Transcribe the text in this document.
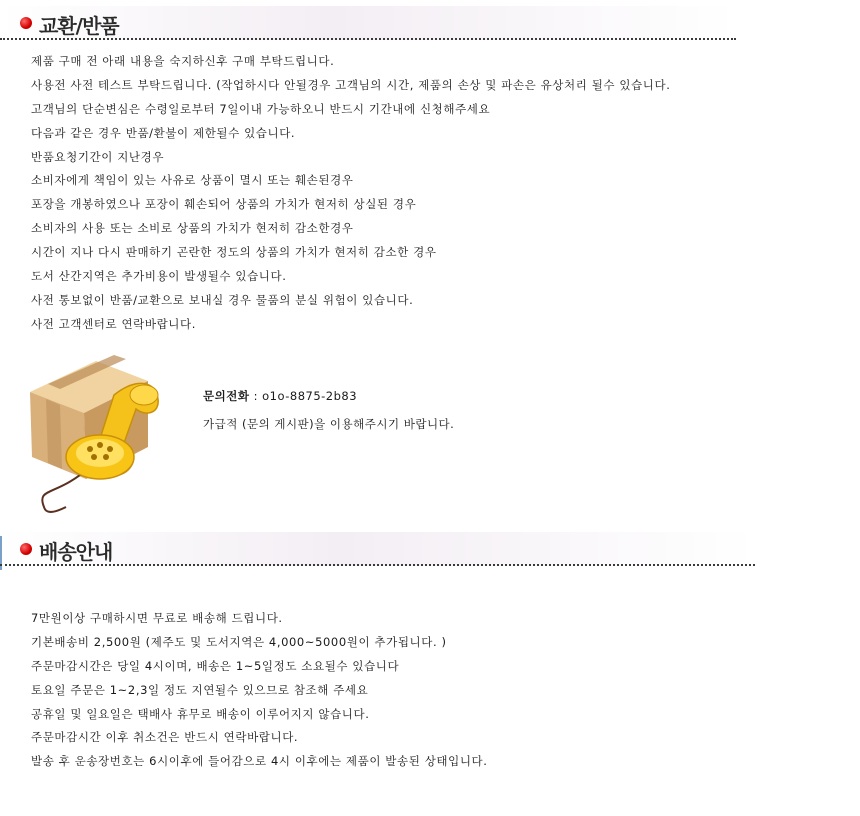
교환/반품
제품 구매 전 아래 내용을 숙지하신후 구매 부탁드립니다.
사용전 사전 테스트 부탁드립니다. (작업하시다 안될경우 고객님의 시간, 제품의 손상 및 파손은 유상처리 될수 있습니다.
고객님의 단순변심은 수령일로부터 7일이내 가능하오니 반드시 기간내에 신청해주세요
다음과 같은 경우 반품/환불이 제한될수 있습니다.
반품요청기간이 지난경우
소비자에게 책임이 있는 사유로 상품이 멸시 또는 훼손된경우
포장을 개봉하였으나 포장이 훼손되어 상품의 가치가 현저히 상실된 경우
소비자의 사용 또는 소비로 상품의 가치가 현저히 감소한경우
시간이 지나 다시 판매하기 곤란한 정도의 상품의 가치가 현저히 감소한 경우
도서 산간지역은 추가비용이 발생될수 있습니다.
사전 통보없이 반품/교환으로 보내실 경우 물품의 분실 위험이 있습니다.
사전 고객센터로 연락바랍니다.
문의전화 : o1o-8875-2b83
가급적 (문의 게시판)을 이용해주시기 바랍니다.
배송안내
7만원이상 구매하시면 무료로 배송해 드립니다.
기본배송비 2,500원 (제주도 및 도서지역은 4,000~5000원이 추가됩니다. )
주문마감시간은 당일 4시이며, 배송은 1~5일정도 소요될수 있습니다
토요일 주문은 1~2,3일 정도 지연될수 있으므로 참조해 주세요
공휴일 및 일요일은 택배사 휴무로 배송이 이루어지지 않습니다.
주문마감시간 이후 취소건은 반드시 연락바랍니다.
발송 후 운송장번호는 6시이후에 들어감으로 4시 이후에는 제품이 발송된 상태입니다.
